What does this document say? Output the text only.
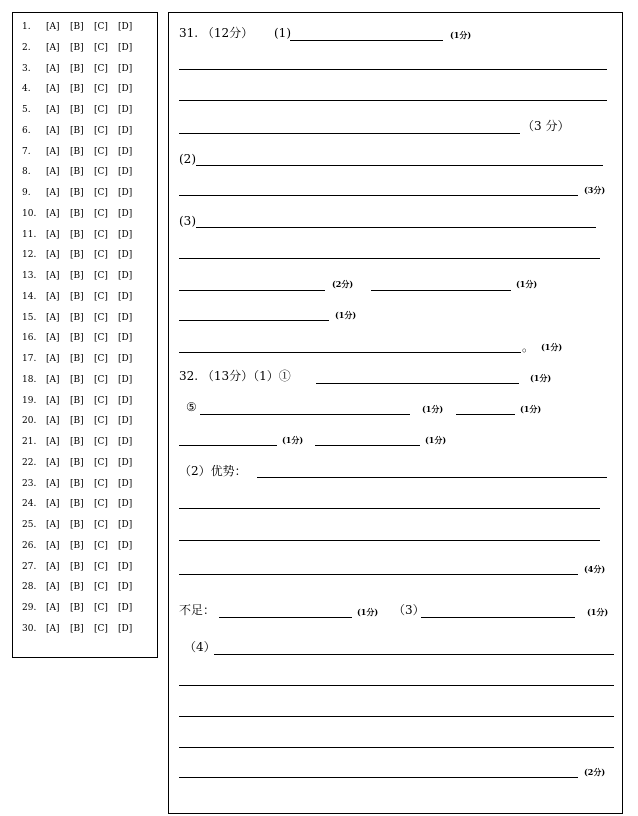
1. [A] [B] [C] [D]
2. [A] [B] [C] [D]
3. [A] [B] [C] [D]
4. [A] [B] [C] [D]
5. [A] [B] [C] [D]
6. [A] [B] [C] [D]
7. [A] [B] [C] [D]
8. [A] [B] [C] [D]
9. [A] [B] [C] [D]
10. [A] [B] [C] [D]
11. [A] [B] [C] [D]
12. [A] [B] [C] [D]
13. [A] [B] [C] [D]
14. [A] [B] [C] [D]
15. [A] [B] [C] [D]
16. [A] [B] [C] [D]
17. [A] [B] [C] [D]
18. [A] [B] [C] [D]
19. [A] [B] [C] [D]
20. [A] [B] [C] [D]
21. [A] [B] [C] [D]
22. [A] [B] [C] [D]
23. [A] [B] [C] [D]
24. [A] [B] [C] [D]
25. [A] [B] [C] [D]
26. [A] [B] [C] [D]
27. [A] [B] [C] [D]
28. [A] [B] [C] [D]
29. [A] [B] [C] [D]
30. [A] [B] [C] [D]
31. （12分） (1)	(1分)
（3 分）
(2)
(3分)
(3)
(2分)	(1分)
(1分)
。 (1分)
32. （13分）（1）①	(1分)
⑤	(1分)	(1分)
(1分)	(1分)
（2）优势：
(4分)
不足：	(1分) （3）	(1分)
（4）
(2分)
